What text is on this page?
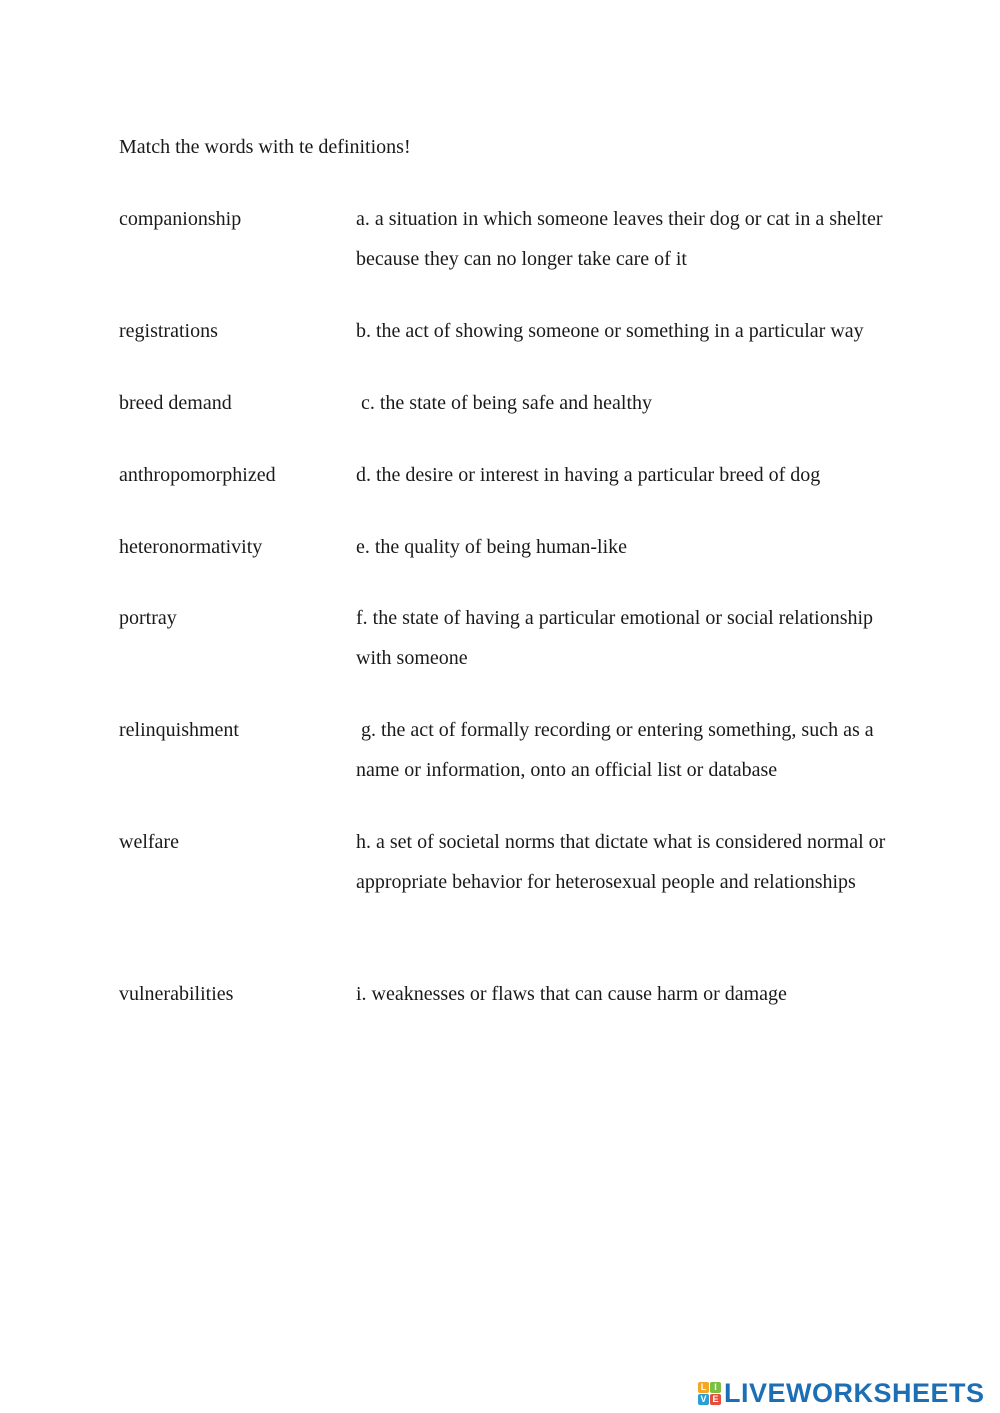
Match the words with te definitions!
companionship	a. a situation in which someone leaves their dog or cat in a shelter because they can no longer take care of it
registrations	b. the act of showing someone or something in a particular way
breed demand	c. the state of being safe and healthy
anthropomorphized	d. the desire or interest in having a particular breed of dog
heteronormativity	e. the quality of being human-like
portray	f. the state of having a particular emotional or social relationship with someone
relinquishment	g. the act of formally recording or entering something, such as a name or information, onto an official list or database
welfare	h. a set of societal norms that dictate what is considered normal or appropriate behavior for heterosexual people and relationships
vulnerabilities	i. weaknesses or flaws that can cause harm or damage
L I
V E LIVEWORKSHEETS
